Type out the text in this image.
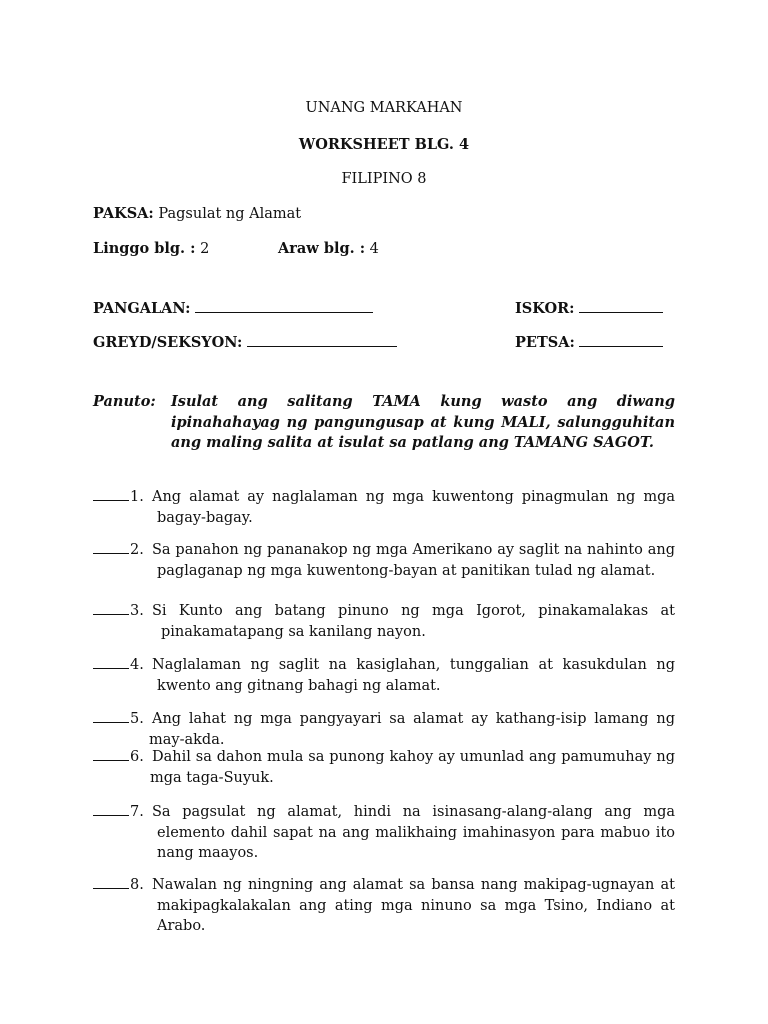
UNANG MARKAHAN
WORKSHEET BLG. 4
FILIPINO 8
PAKSA: Pagsulat ng Alamat
Linggo blg. : 2	Araw blg. : 4
PANGALAN:	ISKOR:
GREYD/SEKSYON:	PETSA:
Panuto: Isulat ang salitang TAMA kung wasto ang diwang ipinahahayag ng pangungusap at kung MALI, salungguhitan ang maling salita at isulat sa patlang ang TAMANG SAGOT.
1. Ang alamat ay naglalaman ng mga kuwentong pinagmulan ng mga bagay-bagay.
2. Sa panahon ng pananakop ng mga Amerikano ay saglit na nahinto ang paglaganap ng mga kuwentong-bayan at panitikan tulad ng alamat.
3. Si Kunto ang batang pinuno ng mga Igorot, pinakamalakas at pinakamatapang sa kanilang nayon.
4. Naglalaman ng saglit na kasiglahan, tunggalian at kasukdulan ng kwento ang gitnang bahagi ng alamat.
5. Ang lahat ng mga pangyayari sa alamat ay kathang-isip lamang ng may-akda.
6. Dahil sa dahon mula sa punong kahoy ay umunlad ang pamumuhay ng mga taga-Suyuk.
7. Sa pagsulat ng alamat, hindi na isinasang-alang-alang ang mga elemento dahil sapat na ang malikhaing imahinasyon para mabuo ito nang maayos.
8. Nawalan ng ningning ang alamat sa bansa nang makipag-ugnayan at makipagkalakalan ang ating mga ninuno sa mga Tsino, Indiano at Arabo.
